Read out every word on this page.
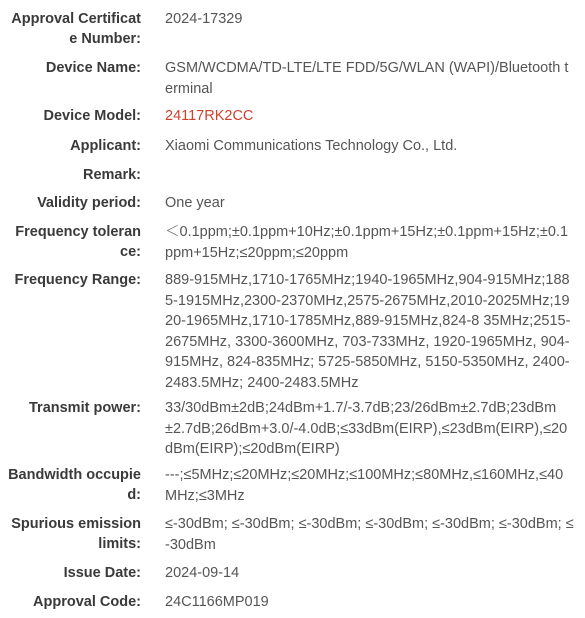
Approval Certificate Number:
2024-17329
Device Name: GSM/WCDMA/TD-LTE/LTE FDD/5G/WLAN (WAPI)/Bluetooth terminal
Device Model: 24117RK2CC
Applicant: Xiaomi Communications Technology Co., Ltd.
Remark:
Validity period: One year
Frequency tolerance:
＜0.1ppm;±0.1ppm+10Hz;±0.1ppm+15Hz;±0.1ppm+15Hz;±0.1ppm+15Hz;≤20ppm;≤20ppm
Frequency Range: 889-915MHz,1710-1765MHz;1940-1965MHz,904-915MHz;1885-1915MHz,2300-2370MHz,2575-2675MHz,2010-2025MHz;1920-1965MHz,1710-1785MHz,889-915MHz,824-8 35MHz;2515- 2675MHz, 3300-3600MHz, 703-733MHz, 1920-1965MHz, 904-915MHz, 824-835MHz; 5725-5850MHz, 5150-5350MHz, 2400-2483.5MHz; 2400-2483.5MHz
Transmit power: 33/30dBm±2dB;24dBm+1.7/-3.7dB;23/26dBm±2.7dB;23dBm±2.7dB;26dBm+3.0/-4.0dB;≤33dBm(EIRP),≤23dBm(EIRP),≤20dBm(EIRP);≤20dBm(EIRP)
Bandwidth occupied:
---;≤5MHz;≤20MHz;≤20MHz;≤100MHz;≤80MHz,≤160MHz,≤40MHz;≤3MHz
Spurious emission limits:
≤-30dBm; ≤-30dBm; ≤-30dBm; ≤-30dBm; ≤-30dBm; ≤-30dBm; ≤-30dBm
Issue Date: 2024-09-14
Approval Code: 24C1166MP019
